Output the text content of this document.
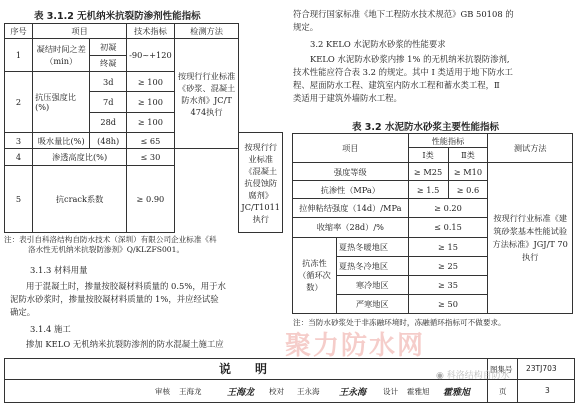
表 3.1.2 无机纳米抗裂防渗剂性能指标
序号	项目		技术指标	检测方法	
1	凝结时间之差（min）	初凝	-90~+120	按现行行业标准《砂浆、混凝土防水剂》JC/T 474执行	
		终凝			
2	抗压强度比(%)	3d	≥ 100		
		7d	≥ 100		
		28d	≥ 100		
3	吸水量比(%)	(48h)	≤ 65		按现行行业标准《混凝土抗侵蚀防腐剂》JC/T1011执行
4	渗透高度比(%)		≤ 30		
5	抗crack系数		≥ 0.90		
注：表引自科洛结构自防水技术（深圳）有限公司企业标准《科
洛水性无机纳米抗裂防渗剂》Q/KLZFS001。
3.1.3 材料用量
用于混凝土时，掺量按胶凝材料质量的 0.5%，用于水
泥防水砂浆时，掺量按胶凝材料质量的 1%，并应经试验
确定。
3.1.4 施工
掺加 KELO 无机纳米抗裂防渗剂的防水混凝土施工应
符合现行国家标准《地下工程防水技术规范》GB 50108 的
规定。
3.2 KELO 水泥防水砂浆的性能要求
KELO 水泥防水砂浆内掺 1% 的无机纳米抗裂防渗剂,
技术性能应符合表 3.2 的规定。其中 Ⅰ 类适用于地下防水工
程、屋面防水工程、建筑室内防水工程和蓄水类工程，Ⅱ
类适用于建筑外墙防水工程。
表 3.2 水泥防水砂浆主要性能指标
项目		性能指标		测试方法
		Ⅰ类	Ⅱ类	
强度等级		≥ M25	≥ M10	按现行行业标准《建筑砂浆基本性能试验方法标准》JGJ/T 70执行
抗渗性（MPa）		≥ 1.5	≥ 0.6	
拉伸粘结强度（14d）/MPa		≥ 0.20		
收缩率（28d）/%		≤ 0.15		
抗冻性（循环次数）	夏热冬暖地区	≥ 15		
	夏热冬冷地区	≥ 25		
	寒冷地区	≥ 35		
	严寒地区	≥ 50		
注：当防水砂浆处于非冻融环境时，冻融循环指标可不做要求。
聚力防水网
说　明	图集号 23TJ703
审核 王海龙	王海龙 校对 王永海 王永海 设计 霍雅旭 霍雅旭	页	3
◉ 科洛结构自防水
